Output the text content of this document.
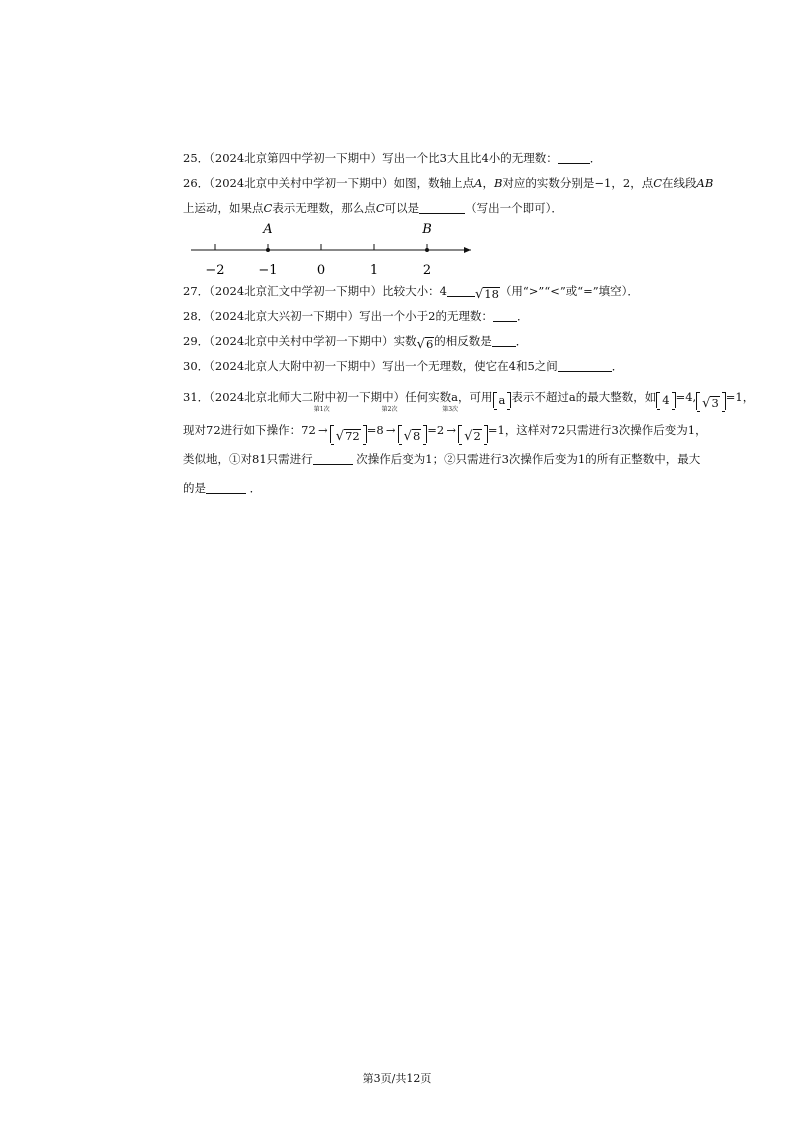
25．（2024北京第四中学初一下期中）写出一个比3大且比4小的无理数：	．
26．（2024北京中关村中学初一下期中）如图，数轴上点A，B对应的实数分别是−1，2，点C在线段AB
上运动，如果点C表示无理数，那么点C可以是	（写出一个即可）．
−2	−1	0	1	2
A	B
27．（2024北京汇文中学初一下期中）比较大小：4 √ 18 （用“>”“<”或“=”填空）．
28．（2024北京大兴初一下期中）写出一个小于2的无理数： ．
29．（2024北京中关村中学初一下期中）实数 √ 6 的相反数是 ．
30．（2024北京人大附中初一下期中）写出一个无理数，使它在4和5之间	．
31．（2024北京北师大二附中初一下期中）任何实数a，可用 a 表示不超过a的最大整数，如 4 =4, √ 3 =1，
现对72进行如下操作：72
第1次
→ √ 72 =8
第2次
→ √ 8 =2
第3次
→ √ 2 =1，这样对72只需进行3次操作后变为1，
类似地，①对81只需进行	次操作后变为1；②只需进行3次操作后变为1的所有正整数中，最大
的是	．
第3页/共12页
